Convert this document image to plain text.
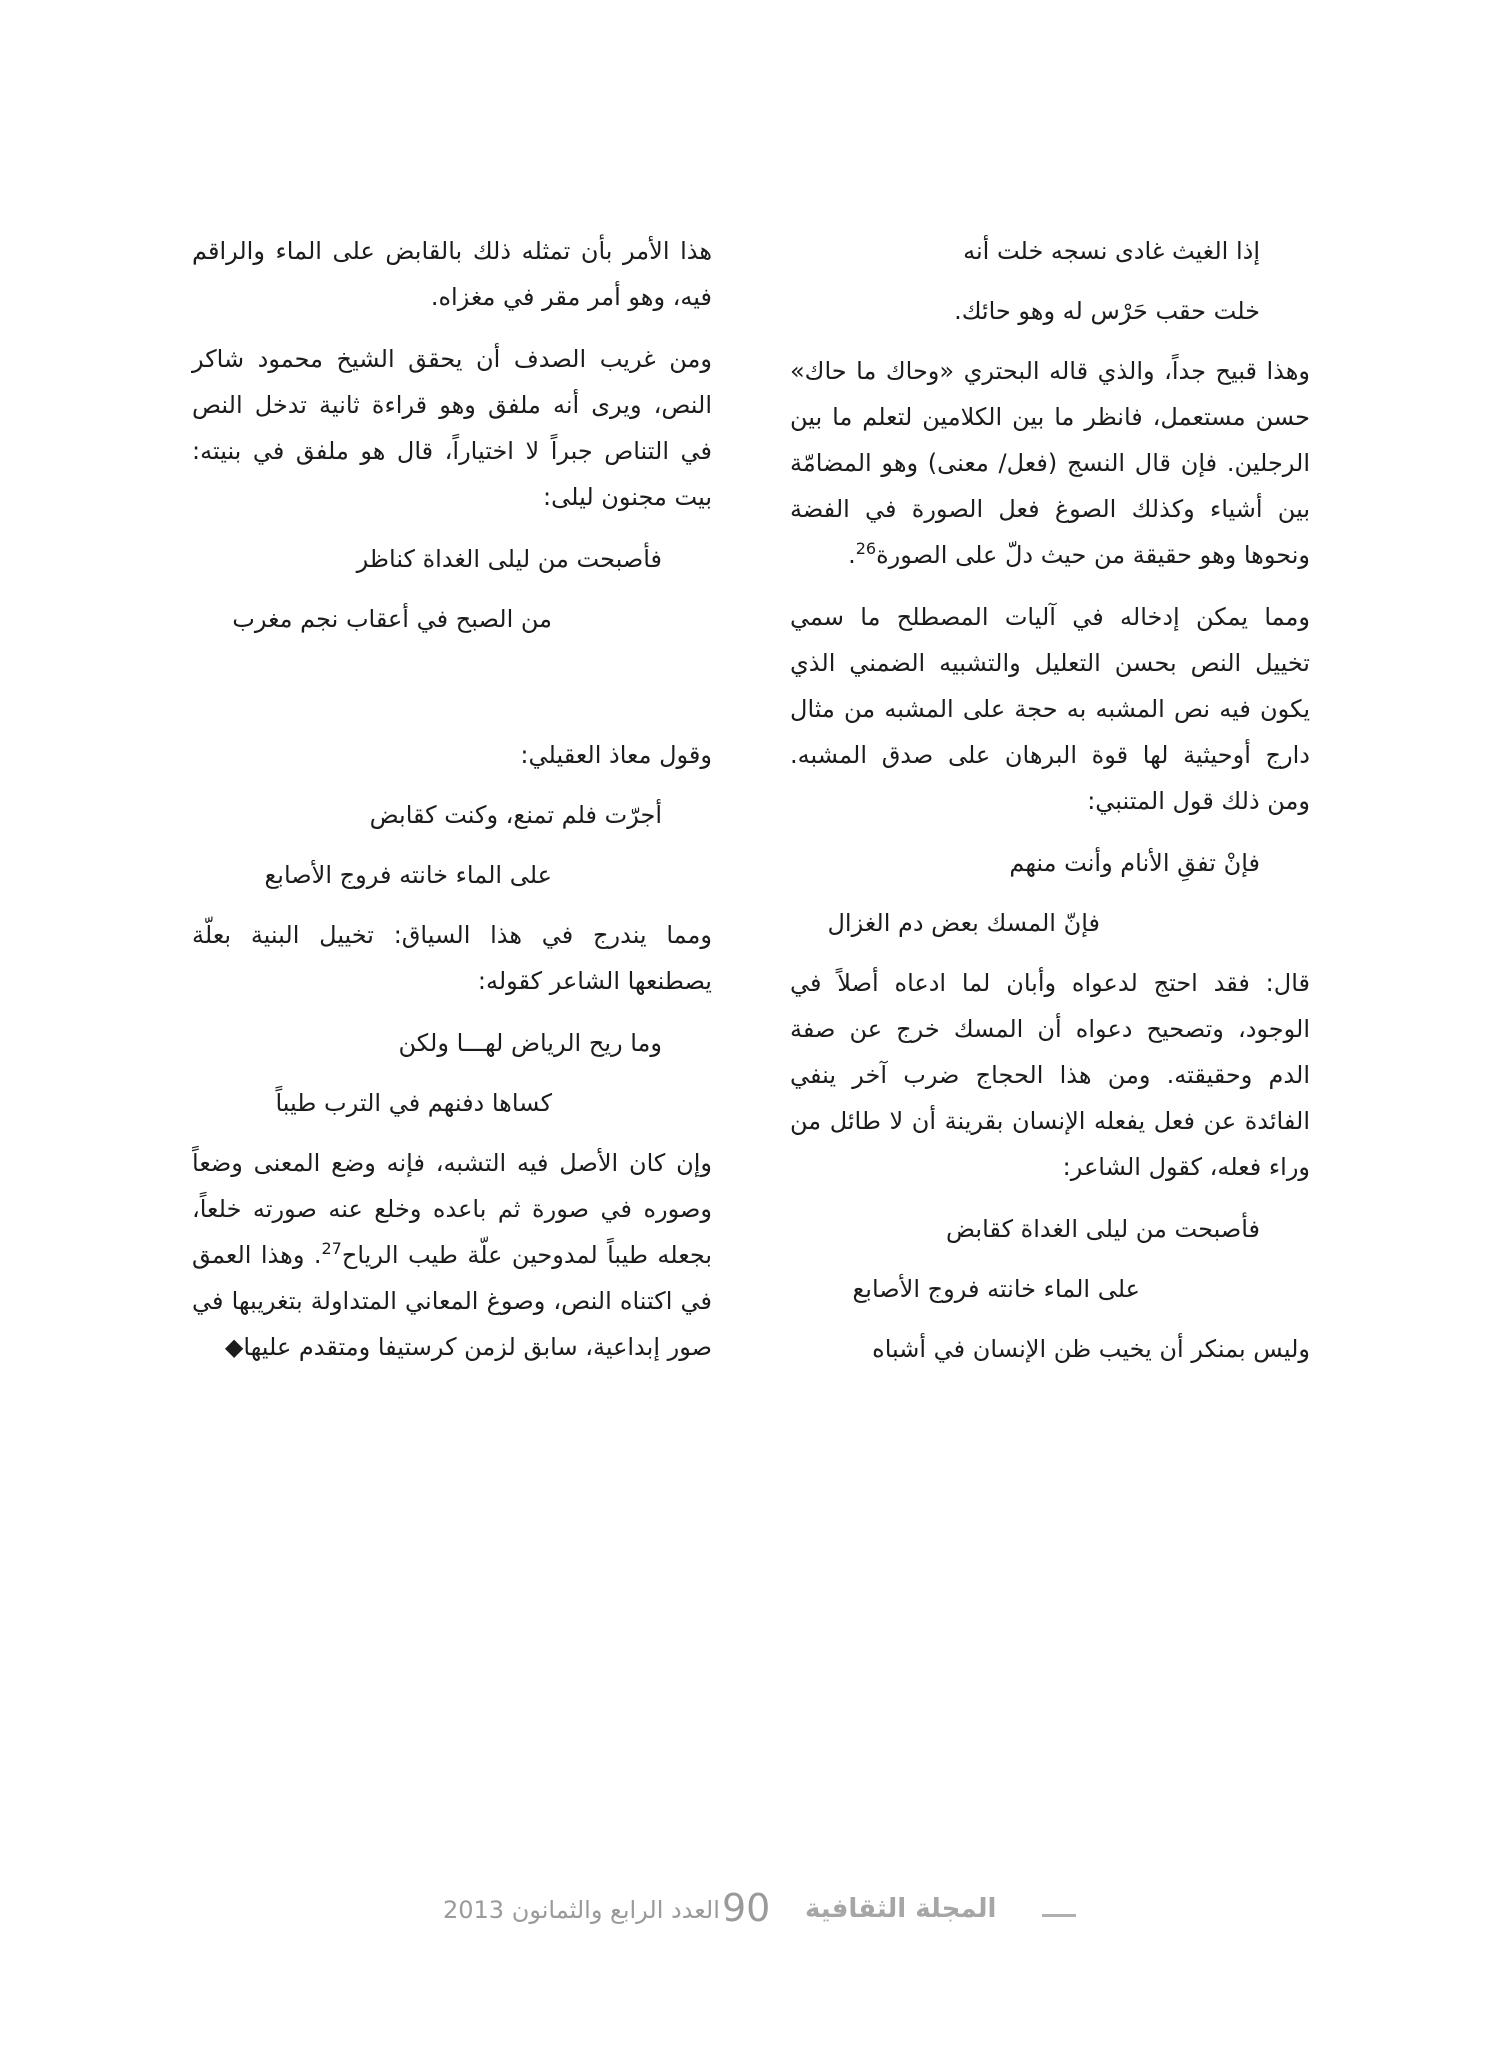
إذا الغيث غادى نسجه خلت أنه
خلت حقب حَرْس له وهو حائك.

وهذا قبيح جداً، والذي قاله البحتري «وحاك ما حاك» حسن مستعمل، فانظر ما بين الكلامين لتعلم ما بين الرجلين. فإن قال النسج (فعل/ معنى) وهو المضامّة بين أشياء وكذلك الصوغ فعل الصورة في الفضة ونحوها وهو حقيقة من حيث دلّ على الصورة$^{26}$.

ومما يمكن إدخاله في آليات المصطلح ما سمي تخييل النص بحسن التعليل والتشبيه الضمني الذي يكون فيه نص المشبه به حجة على المشبه من مثال دارج أوحيثية لها قوة البرهان على صدق المشبه. ومن ذلك قول المتنبي:

فإنْ تفقِ الأنام وأنت منهم
فإنّ المسك بعض دم الغزال

قال: فقد احتج لدعواه وأبان لما ادعاه أصلاً في الوجود، وتصحيح دعواه أن المسك خرج عن صفة الدم وحقيقته. ومن هذا الحجاج ضرب آخر ينفي الفائدة عن فعل يفعله الإنسان بقرينة أن لا طائل من وراء فعله، كقول الشاعر:

فأصبحت من ليلى الغداة كقابض
على الماء خانته فروج الأصابع

وليس بمنكر أن يخيب ظن الإنسان في أشباه

هذا الأمر بأن تمثله ذلك بالقابض على الماء والراقم فيه، وهو أمر مقر في مغزاه.

ومن غريب الصدف أن يحقق الشيخ محمود شاكر النص، ويرى أنه ملفق وهو قراءة ثانية تدخل النص في التناص جبراً لا اختياراً، قال هو ملفق في بنيته: بيت مجنون ليلى:

فأصبحت من ليلى الغداة كناظر
من الصبح في أعقاب نجم مغرب
وقول معاذ العقيلي:
أجرّت فلم تمنع، وكنت كقابض
على الماء خانته فروج الأصابع

ومما يندرج في هذا السياق: تخييل البنية بعلّة يصطنعها الشاعر كقوله:

وما ريح الرياض لهـــا ولكن
كساها دفنهم في الترب طيباً

وإن كان الأصل فيه التشبه، فإنه وضع المعنى وضعاً وصوره في صورة ثم باعده وخلع عنه صورته خلعاً، بجعله طيباً لمدوحين علّة طيب الرياح$^{27}$. وهذا العمق في اكتناه النص، وصوغ المعاني المتداولة بتغريبها في صور إبداعية، سابق لزمن كرستيفا ومتقدم عليها◆

العدد الرابع والثمانون 2013 90 المجلة الثقافية
